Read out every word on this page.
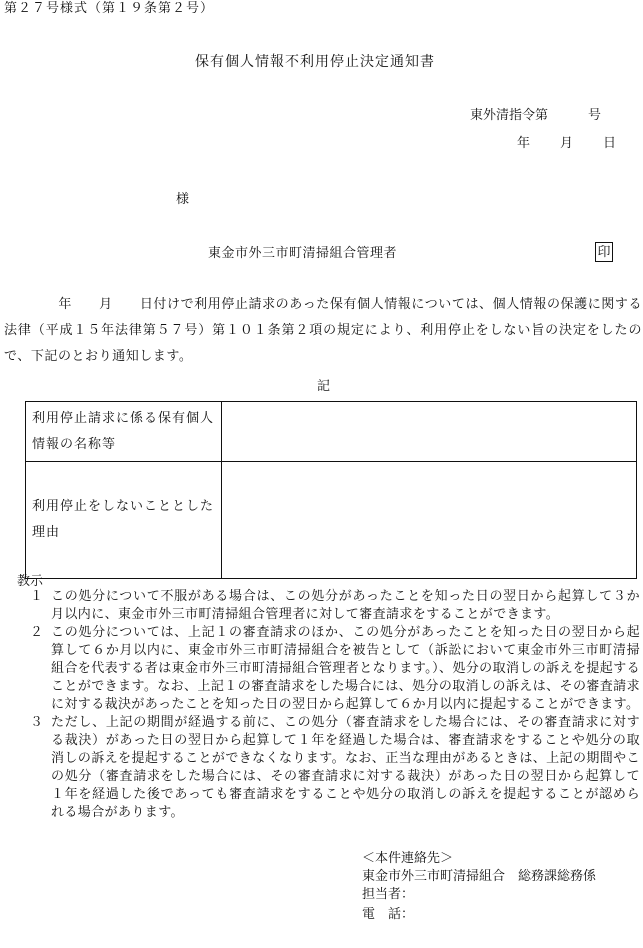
第２７号様式（第１９条第２号）
保有個人情報不利用停止決定通知書
東外清指令第	号
年 月 日
様
東金市外三市町清掃組合管理者	印

　　　　年　　月　　日付けで利用停止請求のあった保有個人情報については、個人情報の保護に関する法律（平成１５年法律第５７号）第１０１条第２項の規定により、利用停止をしない旨の決定をしたので、下記のとおり通知します。

記
利用停止請求に係る保有個人情報の名称等	
利用停止をしないこととした理由	
教示

１ この処分について不服がある場合は、この処分があったことを知った日の翌日から起算して３か月以内に、東金市外三市町清掃組合管理者に対して審査請求をすることができます。

２ この処分については、上記１の審査請求のほか、この処分があったことを知った日の翌日から起算して６か月以内に、東金市外三市町清掃組合を被告として（訴訟において東金市外三市町清掃組合を代表する者は東金市外三市町清掃組合管理者となります。）、処分の取消しの訴えを提起することができます。なお、上記１の審査請求をした場合には、処分の取消しの訴えは、その審査請求に対する裁決があったことを知った日の翌日から起算して６か月以内に提起することができます。

３ ただし、上記の期間が経過する前に、この処分（審査請求をした場合には、その審査請求に対する裁決）があった日の翌日から起算して１年を経過した場合は、審査請求をすることや処分の取消しの訴えを提起することができなくなります。なお、正当な理由があるときは、上記の期間やこの処分（審査請求をした場合には、その審査請求に対する裁決）があった日の翌日から起算して１年を経過した後であっても審査請求をすることや処分の取消しの訴えを提起することが認められる場合があります。

＜本件連絡先＞
東金市外三市町清掃組合　総務課総務係
担当者：
電　話：
